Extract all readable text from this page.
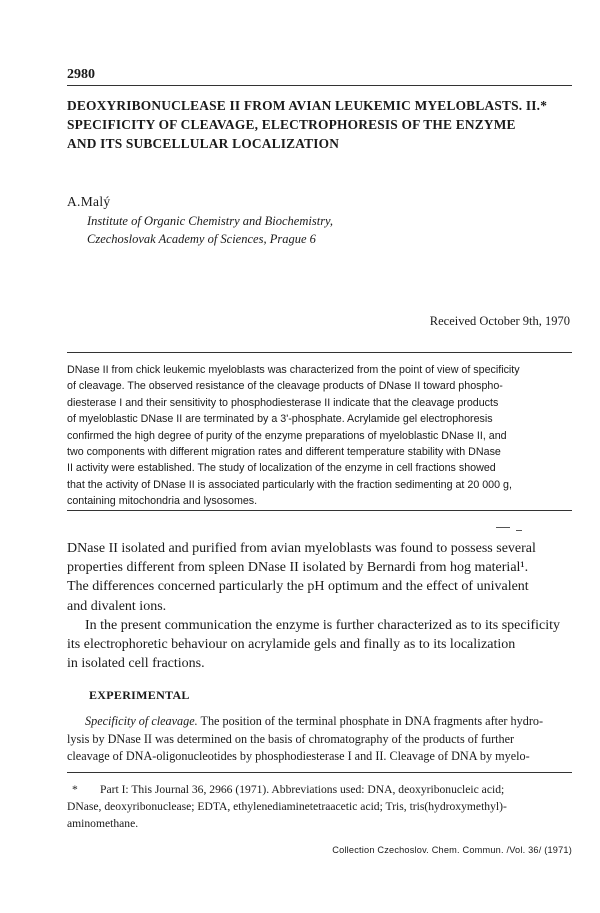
2980
DEOXYRIBONUCLEASE II FROM AVIAN LEUKEMIC MYELOBLASTS. II.*
SPECIFICITY OF CLEAVAGE, ELECTROPHORESIS OF THE ENZYME
AND ITS SUBCELLULAR LOCALIZATION
A.Malý
Institute of Organic Chemistry and Biochemistry,
Czechoslovak Academy of Sciences, Prague 6
Received October 9th, 1970
DNase II from chick leukemic myeloblasts was characterized from the point of view of specificity
of cleavage. The observed resistance of the cleavage products of DNase II toward phospho-
diesterase I and their sensitivity to phosphodiesterase II indicate that the cleavage products
of myeloblastic DNase II are terminated by a 3'-phosphate. Acrylamide gel electrophoresis
confirmed the high degree of purity of the enzyme preparations of myeloblastic DNase II, and
two components with different migration rates and different temperature stability with DNase
II activity were established. The study of localization of the enzyme in cell fractions showed
that the activity of DNase II is associated particularly with the fraction sedimenting at 20 000 g,
containing mitochondria and lysosomes.
DNase II isolated and purified from avian myeloblasts was found to possess several
properties different from spleen DNase II isolated by Bernardi from hog material¹.
The differences concerned particularly the pH optimum and the effect of univalent
and divalent ions.
In the present communication the enzyme is further characterized as to its specificity
its electrophoretic behaviour on acrylamide gels and finally as to its localization
in isolated cell fractions.
EXPERIMENTAL
Specificity of cleavage. The position of the terminal phosphate in DNA fragments after hydro-
lysis by DNase II was determined on the basis of chromatography of the products of further
cleavage of DNA-oligonucleotides by phosphodiesterase I and II. Cleavage of DNA by myelo-
* Part I: This Journal 36, 2966 (1971). Abbreviations used: DNA, deoxyribonucleic acid;
DNase, deoxyribonuclease; EDTA, ethylenediaminetetraacetic acid; Tris, tris(hydroxymethyl)-
aminomethane.
Collection Czechoslov. Chem. Commun. /Vol. 36/ (1971)
